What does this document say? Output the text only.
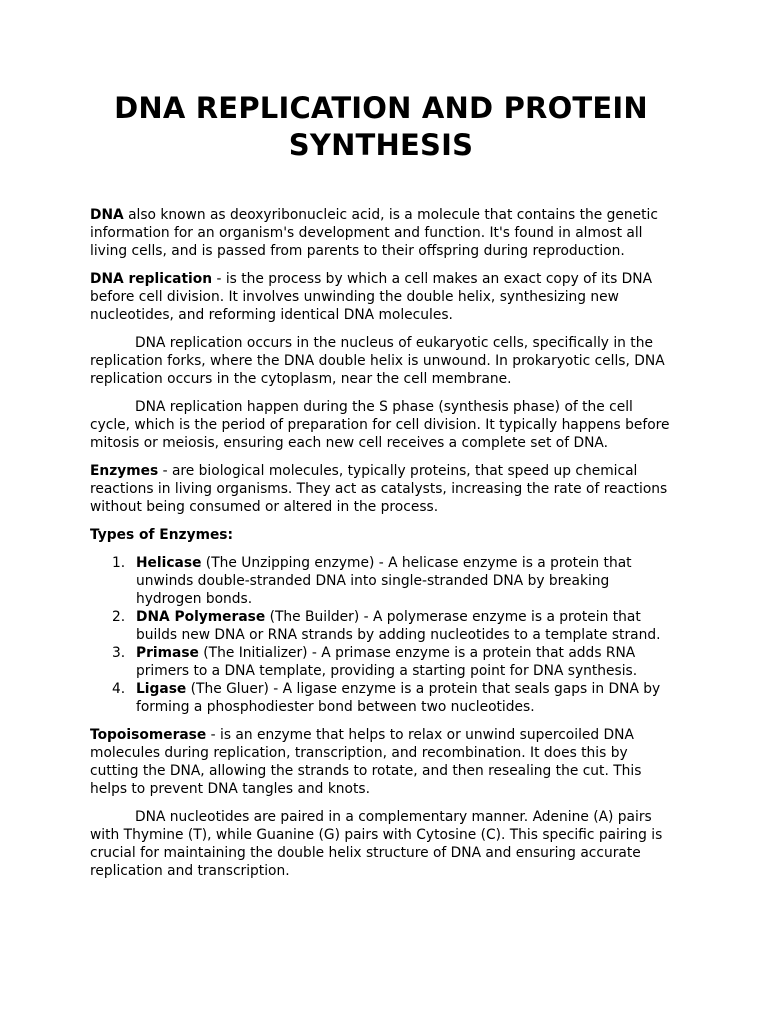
DNA REPLICATION AND PROTEIN SYNTHESIS

DNA also known as deoxyribonucleic acid, is a molecule that contains the genetic information for an organism's development and function. It's found in almost all living cells, and is passed from parents to their offspring during reproduction.

DNA replication - is the process by which a cell makes an exact copy of its DNA before cell division. It involves unwinding the double helix, synthesizing new nucleotides, and reforming identical DNA molecules.

DNA replication occurs in the nucleus of eukaryotic cells, specifically in the replication forks, where the DNA double helix is unwound. In prokaryotic cells, DNA replication occurs in the cytoplasm, near the cell membrane.

DNA replication happen during the S phase (synthesis phase) of the cell cycle, which is the period of preparation for cell division. It typically happens before mitosis or meiosis, ensuring each new cell receives a complete set of DNA.

Enzymes - are biological molecules, typically proteins, that speed up chemical reactions in living organisms. They act as catalysts, increasing the rate of reactions without being consumed or altered in the process.

Types of Enzymes:
1. Helicase (The Unzipping enzyme) - A helicase enzyme is a protein that unwinds double-stranded DNA into single-stranded DNA by breaking hydrogen bonds.
2. DNA Polymerase (The Builder) - A polymerase enzyme is a protein that builds new DNA or RNA strands by adding nucleotides to a template strand.
3. Primase (The Initializer) - A primase enzyme is a protein that adds RNA primers to a DNA template, providing a starting point for DNA synthesis.
4. Ligase (The Gluer) - A ligase enzyme is a protein that seals gaps in DNA by forming a phosphodiester bond between two nucleotides.

Topoisomerase - is an enzyme that helps to relax or unwind supercoiled DNA molecules during replication, transcription, and recombination. It does this by cutting the DNA, allowing the strands to rotate, and then resealing the cut. This helps to prevent DNA tangles and knots.

DNA nucleotides are paired in a complementary manner. Adenine (A) pairs with Thymine (T), while Guanine (G) pairs with Cytosine (C). This specific pairing is crucial for maintaining the double helix structure of DNA and ensuring accurate replication and transcription.
